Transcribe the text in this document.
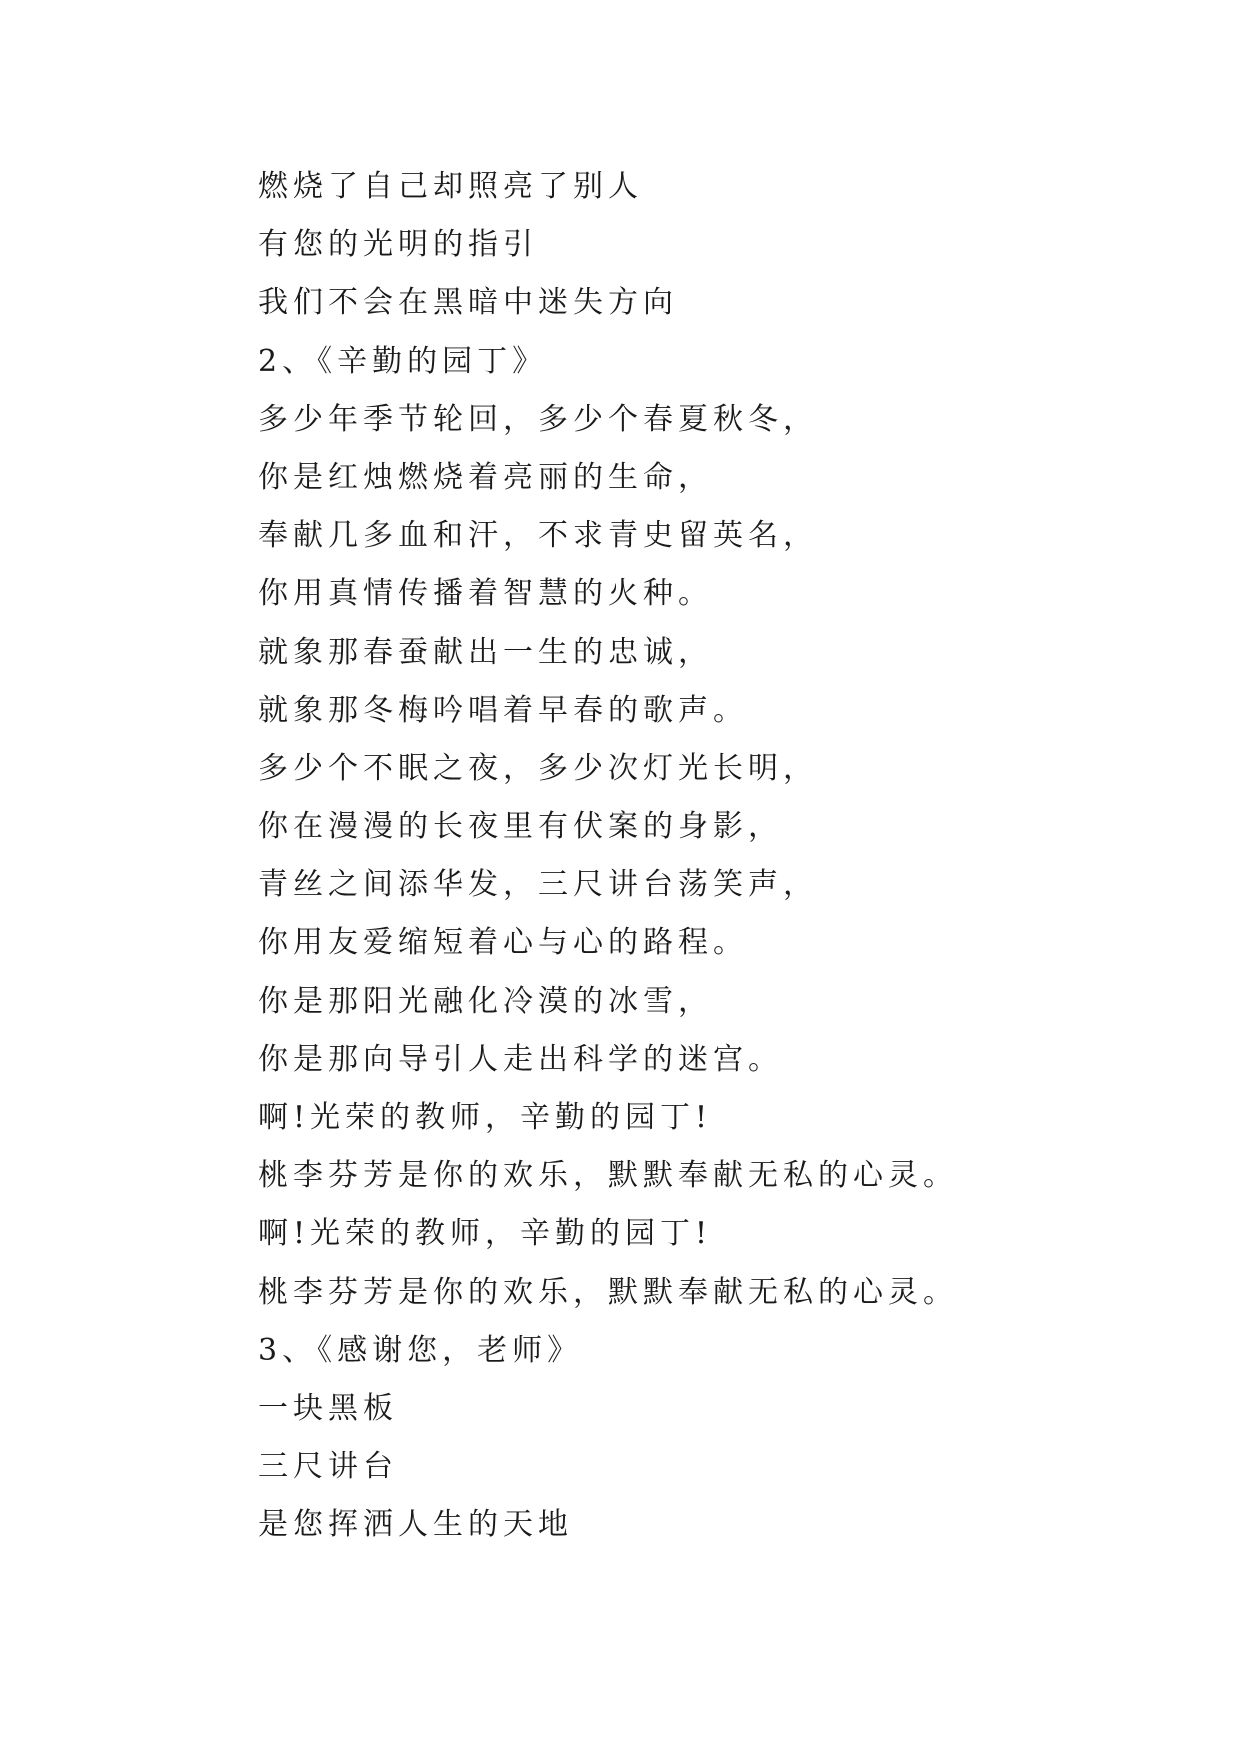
燃烧了自己却照亮了别人
有您的光明的指引
我们不会在黑暗中迷失方向
2、《辛勤的园丁》
多少年季节轮回，多少个春夏秋冬，
你是红烛燃烧着亮丽的生命，
奉献几多血和汗，不求青史留英名，
你用真情传播着智慧的火种。
就象那春蚕献出一生的忠诚，
就象那冬梅吟唱着早春的歌声。
多少个不眠之夜，多少次灯光长明，
你在漫漫的长夜里有伏案的身影，
青丝之间添华发，三尺讲台荡笑声，
你用友爱缩短着心与心的路程。
你是那阳光融化冷漠的冰雪，
你是那向导引人走出科学的迷宫。
啊!光荣的教师，辛勤的园丁!
桃李芬芳是你的欢乐，默默奉献无私的心灵。
啊!光荣的教师，辛勤的园丁!
桃李芬芳是你的欢乐，默默奉献无私的心灵。
3、《感谢您，老师》
一块黑板
三尺讲台
是您挥洒人生的天地
